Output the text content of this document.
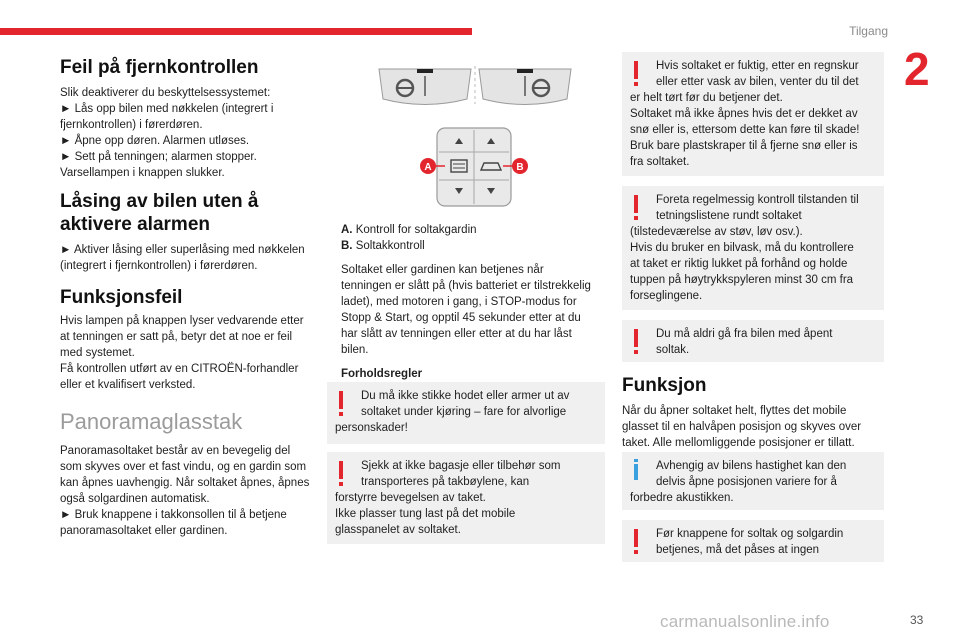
Tilgang
2
Feil på fjernkontrollen
Slik deaktiverer du beskyttelsessystemet:
► Lås opp bilen med nøkkelen (integrert i
fjernkontrollen) i førerdøren.
► Åpne opp døren. Alarmen utløses.
► Sett på tenningen; alarmen stopper.
Varsellampen i knappen slukker.
Låsing av bilen uten å
aktivere alarmen
► Aktiver låsing eller superlåsing med nøkkelen
(integrert i fjernkontrollen) i førerdøren.
Funksjonsfeil
Hvis lampen på knappen lyser vedvarende etter
at tenningen er satt på, betyr det at noe er feil
med systemet.
Få kontrollen utført av en CITROËN-forhandler
eller et kvalifisert verksted.
Panoramaglasstak
Panoramasoltaket består av en bevegelig del
som skyves over et fast vindu, og en gardin som
kan åpnes uavhengig. Når soltaket åpnes, åpnes
også solgardinen automatisk.
► Bruk knappene i takkonsollen til å betjene
panoramasoltaket eller gardinen.
A	B
A. Kontroll for soltakgardin
B. Soltakkontroll
Soltaket eller gardinen kan betjenes når
tenningen er slått på (hvis batteriet er tilstrekkelig
ladet), med motoren i gang, i STOP-modus for
Stopp & Start, og opptil 45 sekunder etter at du
har slått av tenningen eller etter at du har låst
bilen.
Forholdsregler
Du må ikke stikke hodet eller armer ut av
soltaket under kjøring – fare for alvorlige
personskader!
Sjekk at ikke bagasje eller tilbehør som
transporteres på takbøylene, kan
forstyrre bevegelsen av taket.
Ikke plasser tung last på det mobile
glasspanelet av soltaket.
Hvis soltaket er fuktig, etter en regnskur
eller etter vask av bilen, venter du til det
er helt tørt før du betjener det.
Soltaket må ikke åpnes hvis det er dekket av
snø eller is, ettersom dette kan føre til skade!
Bruk bare plastskraper til å fjerne snø eller is
fra soltaket.
Foreta regelmessig kontroll tilstanden til
tetningslistene rundt soltaket
(tilstedeværelse av støv, løv osv.).
Hvis du bruker en bilvask, må du kontrollere
at taket er riktig lukket på forhånd og holde
tuppen på høytrykkspyleren minst 30 cm fra
forseglingene.
Du må aldri gå fra bilen med åpent
soltak.
Funksjon
Når du åpner soltaket helt, flyttes det mobile
glasset til en halvåpen posisjon og skyves over
taket. Alle mellomliggende posisjoner er tillatt.
Avhengig av bilens hastighet kan den
delvis åpne posisjonen variere for å
forbedre akustikken.
Før knappene for soltak og solgardin
betjenes, må det påses at ingen
carmanualsonline.info	33
